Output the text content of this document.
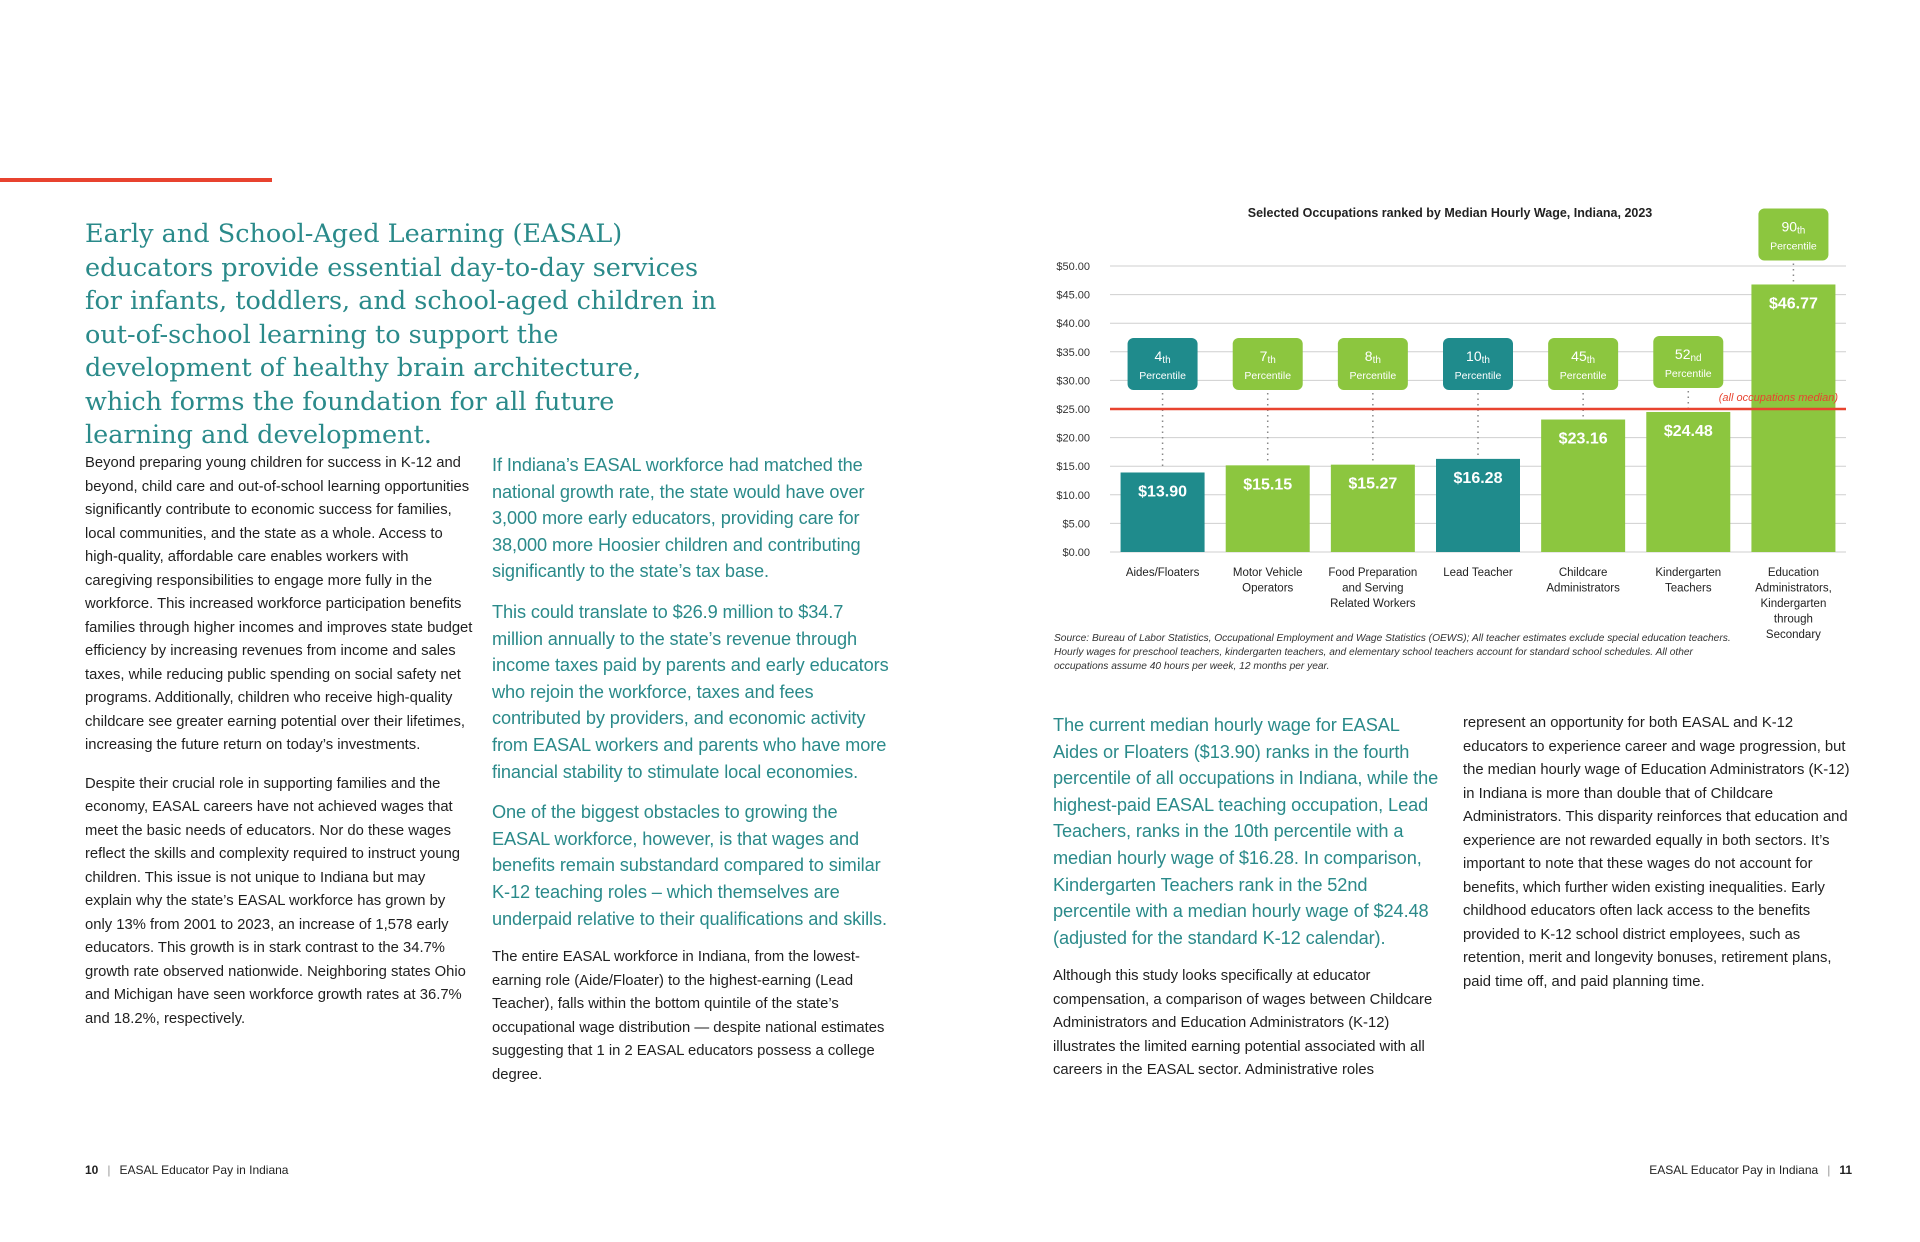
Early and School-Aged Learning (EASAL) educators provide essential day-to-day services for infants, toddlers, and school-aged children in out-of-school learning to support the development of healthy brain architecture, which forms the foundation for all future learning and development.

Beyond preparing young children for success in K-12 and beyond, child care and out-of-school learning opportunities significantly contribute to economic success for families, local communities, and the state as a whole. Access to high-quality, affordable care enables workers with caregiving responsibilities to engage more fully in the workforce. This increased workforce participation benefits families through higher incomes and improves state budget efficiency by increasing revenues from income and sales taxes, while reducing public spending on social safety net programs. Additionally, children who receive high-quality childcare see greater earning potential over their lifetimes, increasing the future return on today’s investments.

Despite their crucial role in supporting families and the economy, EASAL careers have not achieved wages that meet the basic needs of educators. Nor do these wages reflect the skills and complexity required to instruct young children. This issue is not unique to Indiana but may explain why the state’s EASAL workforce has grown by only 13% from 2001 to 2023, an increase of 1,578 early educators. This growth is in stark contrast to the 34.7% growth rate observed nationwide. Neighboring states Ohio and Michigan have seen workforce growth rates at 36.7% and 18.2%, respectively.

If Indiana’s EASAL workforce had matched the national growth rate, the state would have over 3,000 more early educators, providing care for 38,000 more Hoosier children and contributing significantly to the state’s tax base.
This could translate to $26.9 million to $34.7 million annually to the state’s revenue through income taxes paid by parents and early educators who rejoin the workforce, taxes and fees contributed by providers, and economic activity from EASAL workers and parents who have more financial stability to stimulate local economies.
One of the biggest obstacles to growing the EASAL workforce, however, is that wages and benefits remain substandard compared to similar K-12 teaching roles – which themselves are underpaid relative to their qualifications and skills.

The entire EASAL workforce in Indiana, from the lowest-earning role (Aide/Floater) to the highest-earning (Lead Teacher), falls within the bottom quintile of the state’s occupational wage distribution — despite national estimates suggesting that 1 in 2 EASAL educators possess a college degree.

Selected Occupations ranked by Median Hourly Wage, Indiana, 2023
$0.00
$5.00
$10.00
$15.00
$20.00
$25.00
$30.00
$35.00
$40.00
$45.00
$50.00
$13.90
4th
Percentile
Aides/Floaters
$15.15
7th
Percentile
Motor Vehicle Operators
$15.27
8th
Percentile
Food Preparation and Serving Related Workers
$16.28
10th
Percentile
Lead Teacher
$23.16
45th
Percentile
Childcare Administrators
$24.48
52nd
Percentile
Kindergarten Teachers
$46.77
90th
Percentile
Education Administrators, Kindergarten through Secondary
(all occupations median)
Source: Bureau of Labor Statistics, Occupational Employment and Wage Statistics (OEWS); All teacher estimates exclude special education teachers. Hourly wages for preschool teachers, kindergarten teachers, and elementary school teachers account for standard school schedules. All other occupations assume 40 hours per week, 12 months per year.
The current median hourly wage for EASAL Aides or Floaters ($13.90) ranks in the fourth percentile of all occupations in Indiana, while the highest-paid EASAL teaching occupation, Lead Teachers, ranks in the 10th percentile with a median hourly wage of $16.28. In comparison, Kindergarten Teachers rank in the 52nd percentile with a median hourly wage of $24.48 (adjusted for the standard K-12 calendar).

Although this study looks specifically at educator compensation, a comparison of wages between Childcare Administrators and Education Administrators (K-12) illustrates the limited earning potential associated with all careers in the EASAL sector. Administrative roles

represent an opportunity for both EASAL and K-12 educators to experience career and wage progression, but the median hourly wage of Education Administrators (K-12) in Indiana is more than double that of Childcare Administrators. This disparity reinforces that education and experience are not rewarded equally in both sectors. It’s important to note that these wages do not account for benefits, which further widen existing inequalities. Early childhood educators often lack access to the benefits provided to K-12 school district employees, such as retention, merit and longevity bonuses, retirement plans, paid time off, and paid planning time.

10 | EASAL Educator Pay in Indiana	EASAL Educator Pay in Indiana | 11
